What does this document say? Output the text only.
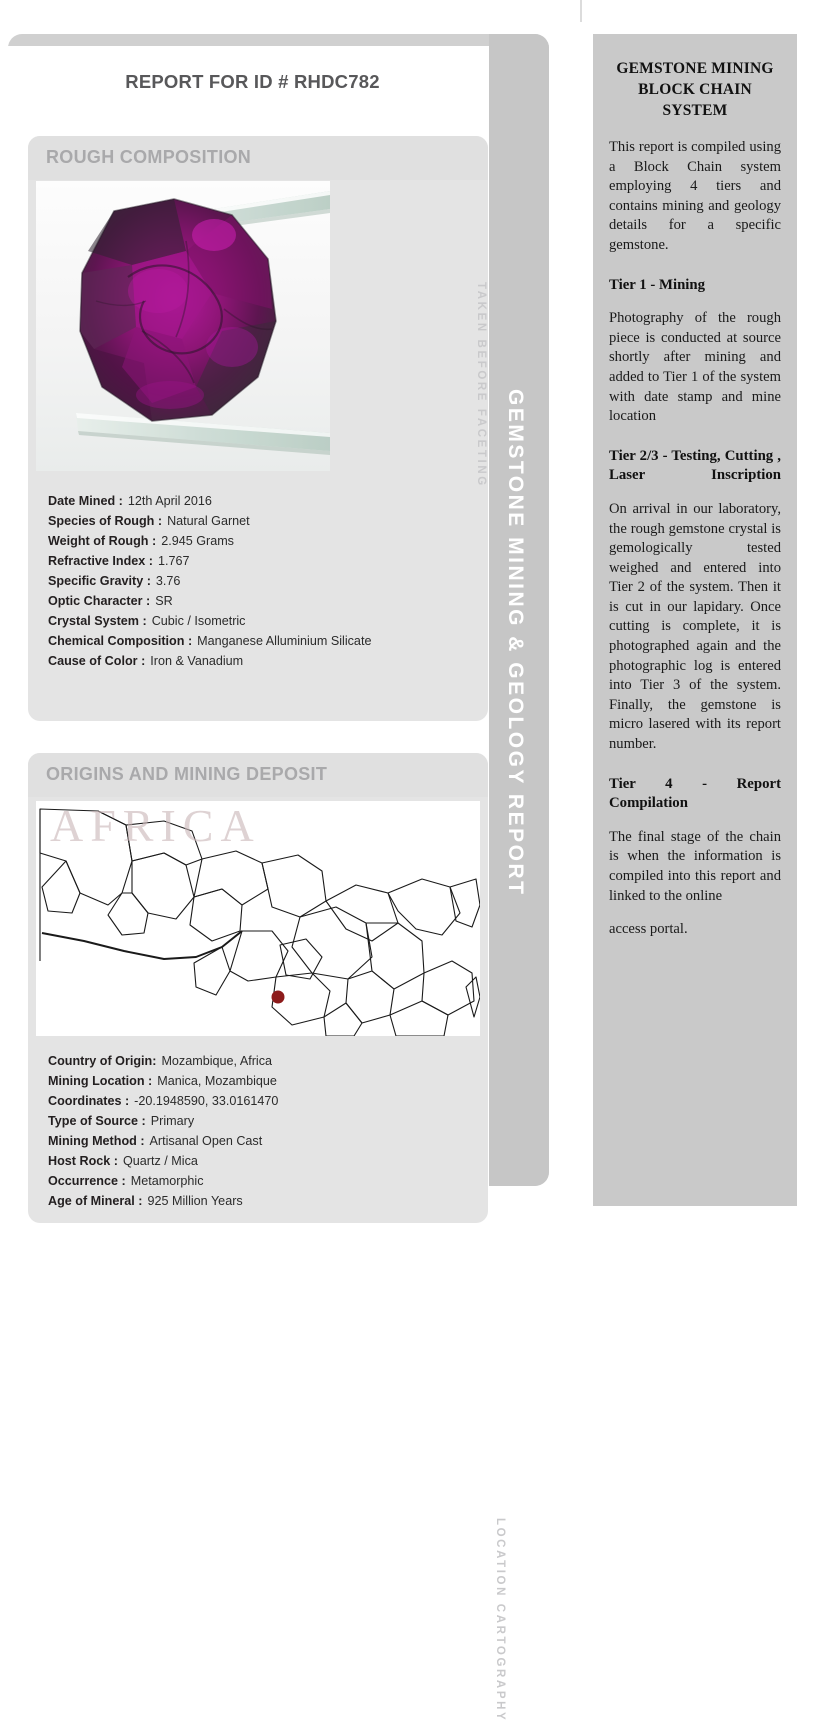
REPORT FOR ID # RHDC782
ROUGH COMPOSITION
TAKEN BEFORE FACETING
Date Mined : 12th April 2016
Species of Rough : Natural Garnet
Weight of Rough : 2.945 Grams
Refractive Index : 1.767
Specific Gravity : 3.76
Optic Character : SR
Crystal System : Cubic / Isometric
Chemical Composition : Manganese Alluminium Silicate
Cause of Color : Iron & Vanadium
ORIGINS AND MINING DEPOSIT
AFRICA
LOCATION CARTOGRAPHY
Country of Origin: Mozambique, Africa
Mining Location : Manica, Mozambique
Coordinates : -20.1948590, 33.0161470
Type of Source : Primary
Mining Method : Artisanal Open Cast
Host Rock : Quartz / Mica
Occurrence : Metamorphic
Age of Mineral : 925 Million Years
GEMSTONE MINING & GEOLOGY REPORT
GEMSTONE MINING BLOCK CHAIN SYSTEM
This report is compiled using a Block Chain system employing 4 tiers and contains mining and geology details for a specific gemstone.
Tier 1 - Mining
Photography of the rough piece is conducted at source shortly after mining and added to Tier 1 of the system with date stamp and mine location
Tier 2/3 - Testing, Cutting , Laser Inscription
On arrival in our laboratory, the rough gemstone crystal is gemologically tested weighed and entered into Tier 2 of the system. Then it is cut in our lapidary. Once cutting is complete, it is photographed again and the photographic log is entered into Tier 3 of the system. Finally, the gemstone is micro lasered with its report number.
Tier 4 - Report Compilation
The final stage of the chain is when the information is compiled into this report and linked to the online
access portal.
